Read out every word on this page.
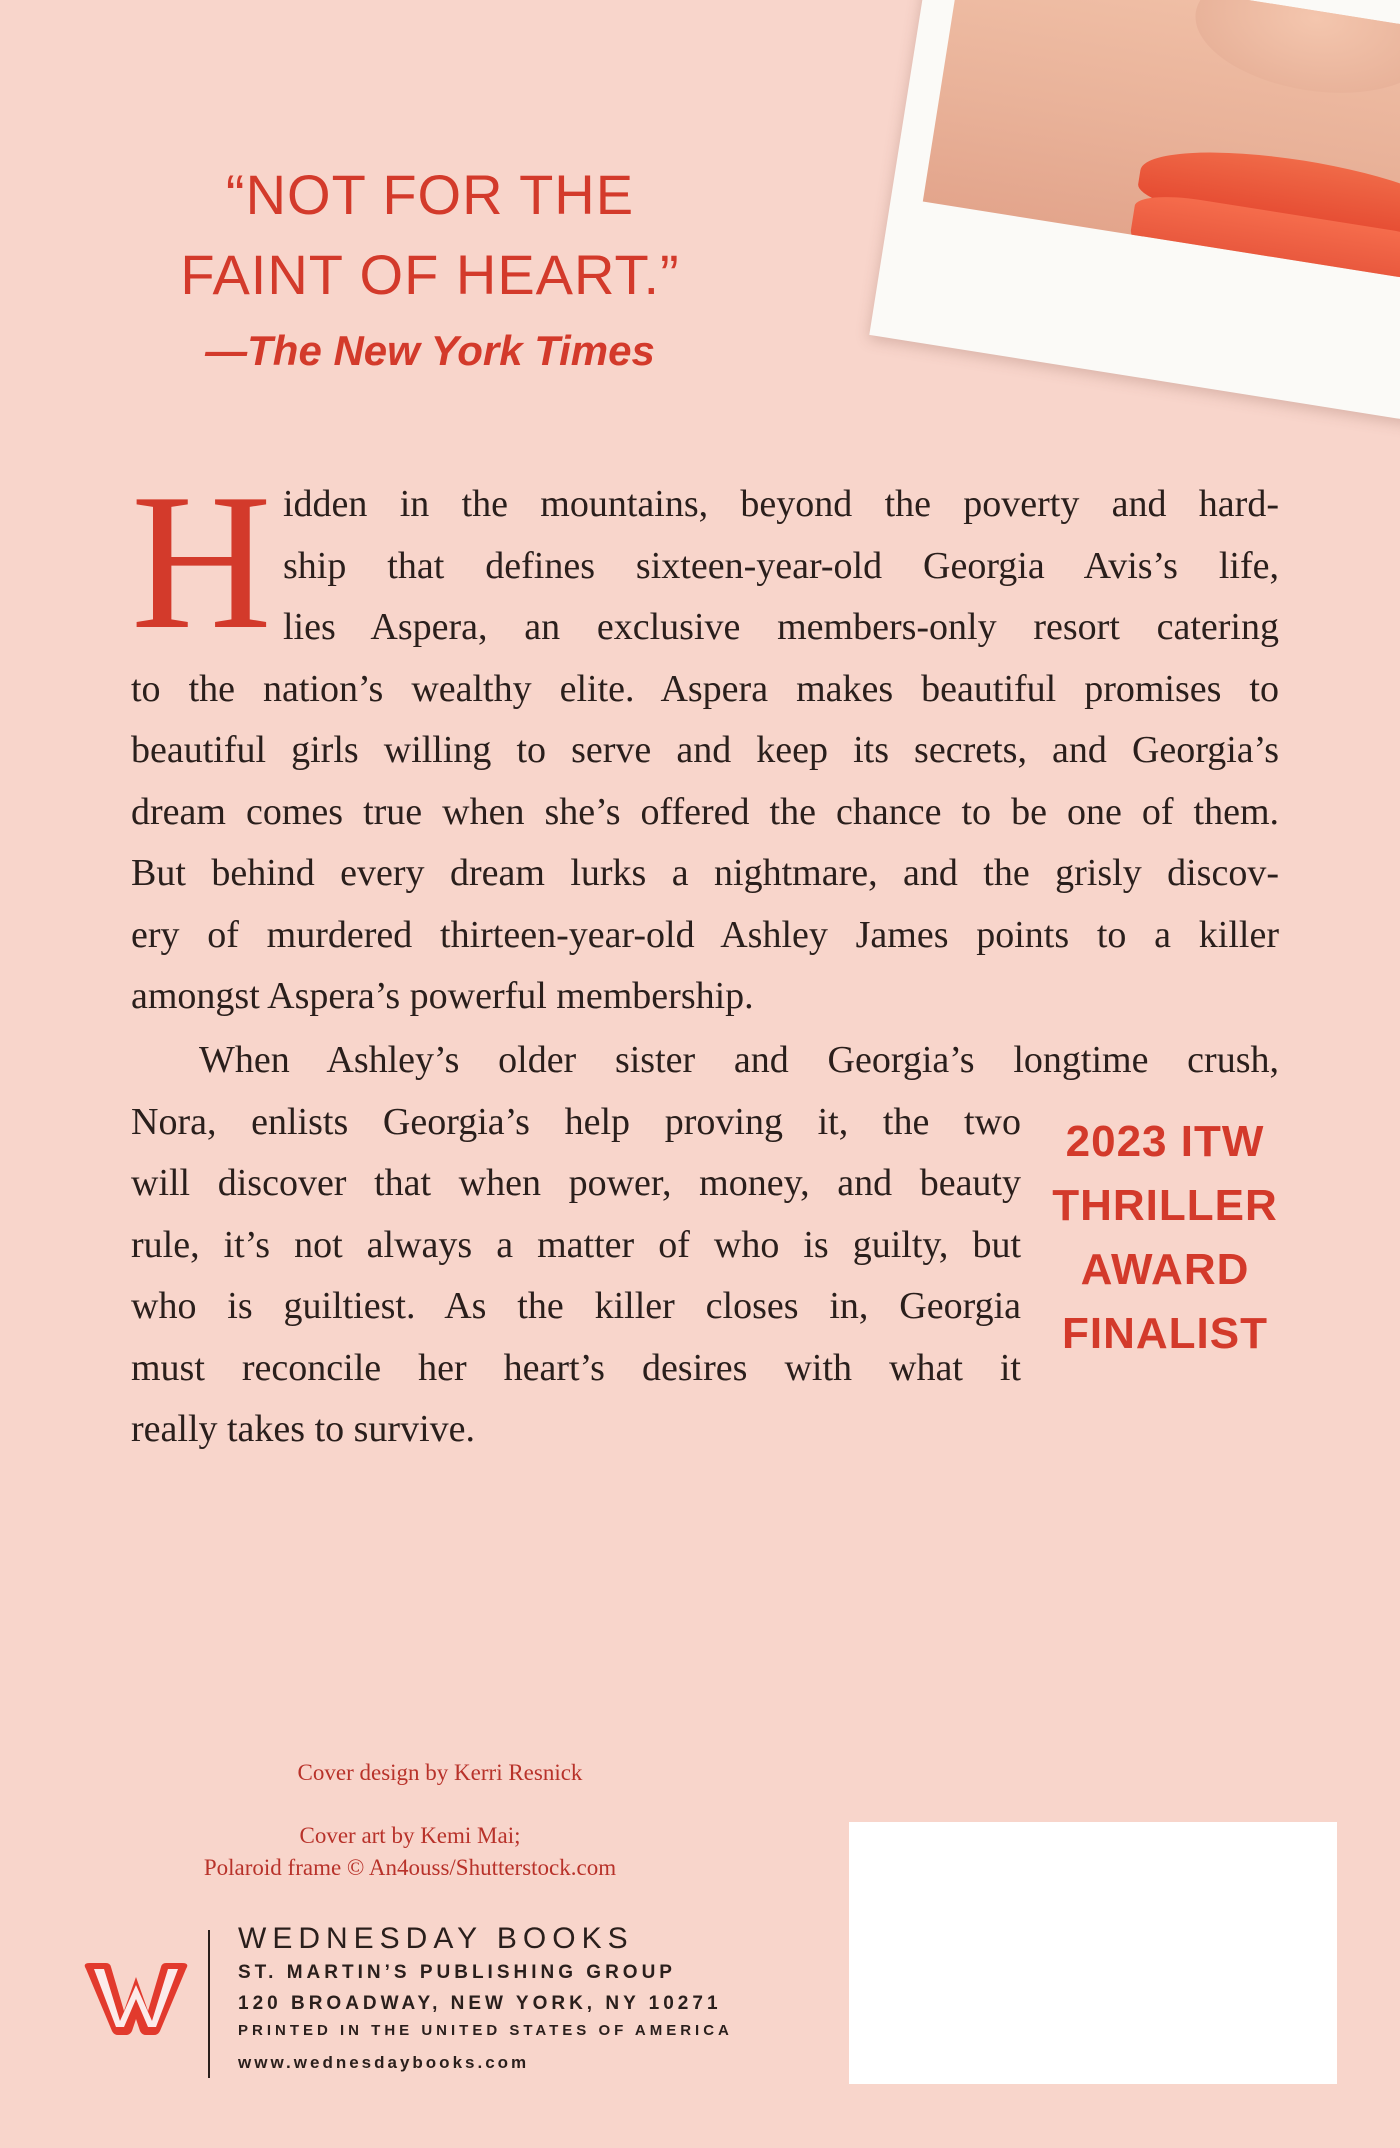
“NOT FOR THE
FAINT OF HEART.”
—The New York Times
H idden in the mountains, beyond the poverty and hard-
ship that defines sixteen-year-old Georgia Avis’s life,
lies Aspera, an exclusive members-only resort catering
to the nation’s wealthy elite. Aspera makes beautiful promises to
beautiful girls willing to serve and keep its secrets, and Georgia’s
dream comes true when she’s offered the chance to be one of them.
But behind every dream lurks a nightmare, and the grisly discov-
ery of murdered thirteen-year-old Ashley James points to a killer
amongst Aspera’s powerful membership.
When Ashley’s older sister and Georgia’s longtime crush,
Nora, enlists Georgia’s help proving it, the two
will discover that when power, money, and beauty
rule, it’s not always a matter of who is guilty, but
who is guiltiest. As the killer closes in, Georgia
must reconcile her heart’s desires with what it
really takes to survive.
2023 ITW
THRILLER
AWARD
FINALIST
Cover design by Kerri Resnick
Cover art by Kemi Mai;
Polaroid frame © An4ouss/Shutterstock.com
WEDNESDAY BOOKS
ST. MARTIN’S PUBLISHING GROUP
120 BROADWAY, NEW YORK, NY 10271
PRINTED IN THE UNITED STATES OF AMERICA
www.wednesdaybooks.com
